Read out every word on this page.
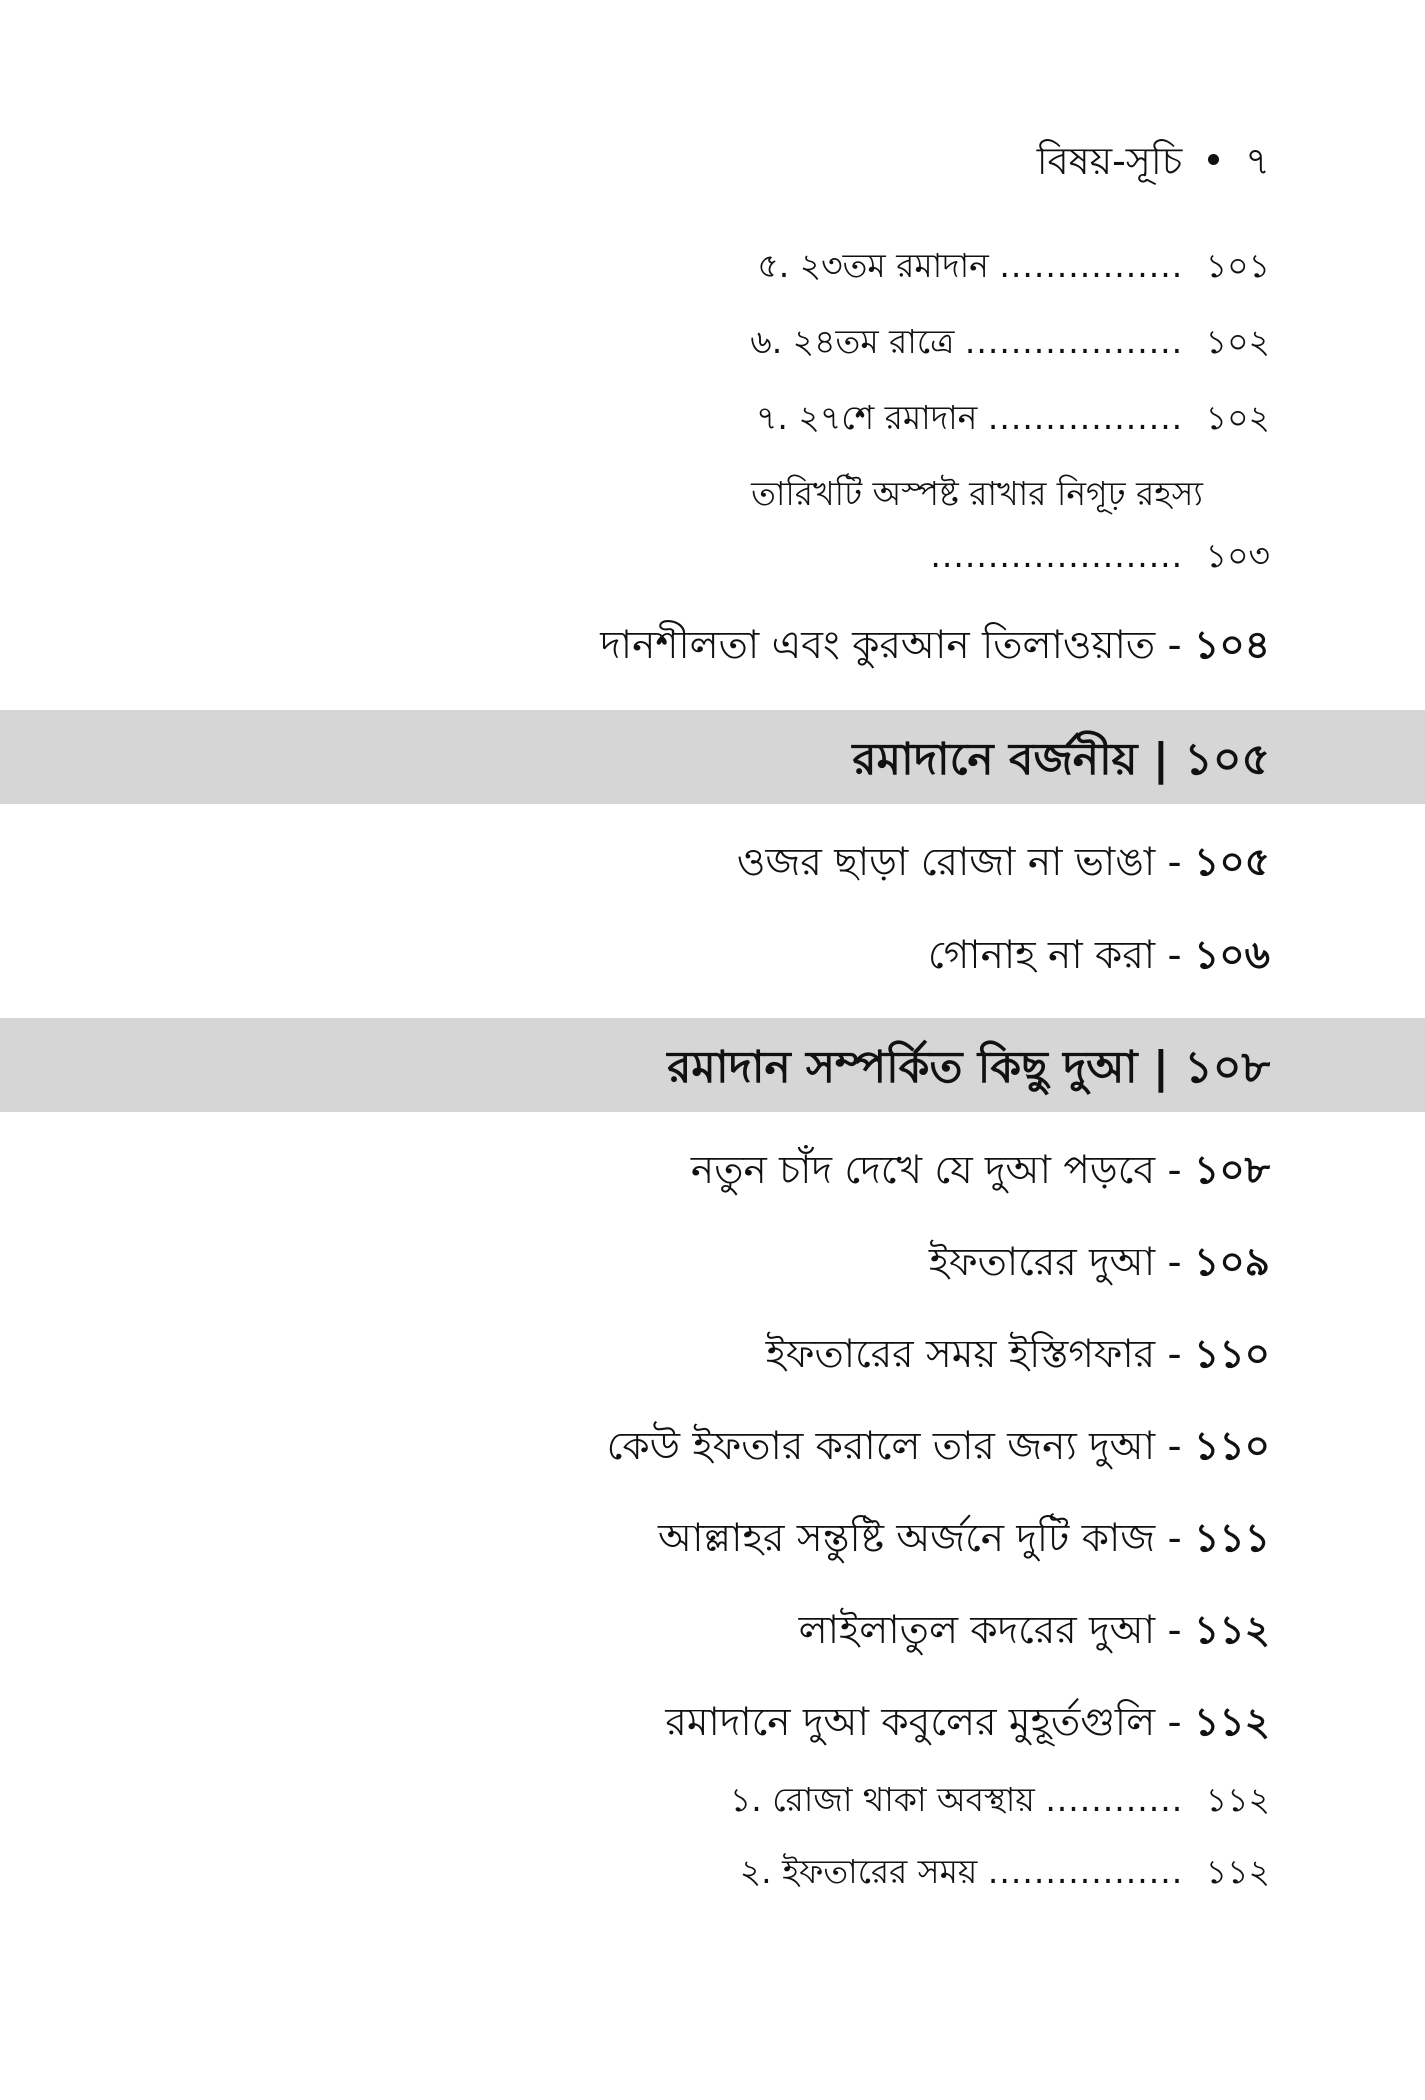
বিষয়-সূচি ৭
৫. ২৩তম রমাদান ................ ১০১
৬. ২৪তম রাত্রে ................... ১০২
৭. ২৭শে রমাদান ................. ১০২
তারিখটি অস্পষ্ট রাখার নিগূঢ় রহস্য
...................... ১০৩
দানশীলতা এবং কুরআন তিলাওয়াত - ১০৪
রমাদানে বর্জনীয় | ১০৫
ওজর ছাড়া রোজা না ভাঙা - ১০৫
গোনাহ না করা - ১০৬
রমাদান সম্পর্কিত কিছু দুআ | ১০৮
নতুন চাঁদ দেখে যে দুআ পড়বে - ১০৮
ইফতারের দুআ - ১০৯
ইফতারের সময় ইস্তিগফার - ১১০
কেউ ইফতার করালে তার জন্য দুআ - ১১০
আল্লাহর সন্তুষ্টি অর্জনে দুটি কাজ - ১১১
লাইলাতুল কদরের দুআ - ১১২
রমাদানে দুআ কবুলের মুহূর্তগুলি - ১১২
১. রোজা থাকা অবস্থায় ............ ১১২
২. ইফতারের সময় ................. ১১২
